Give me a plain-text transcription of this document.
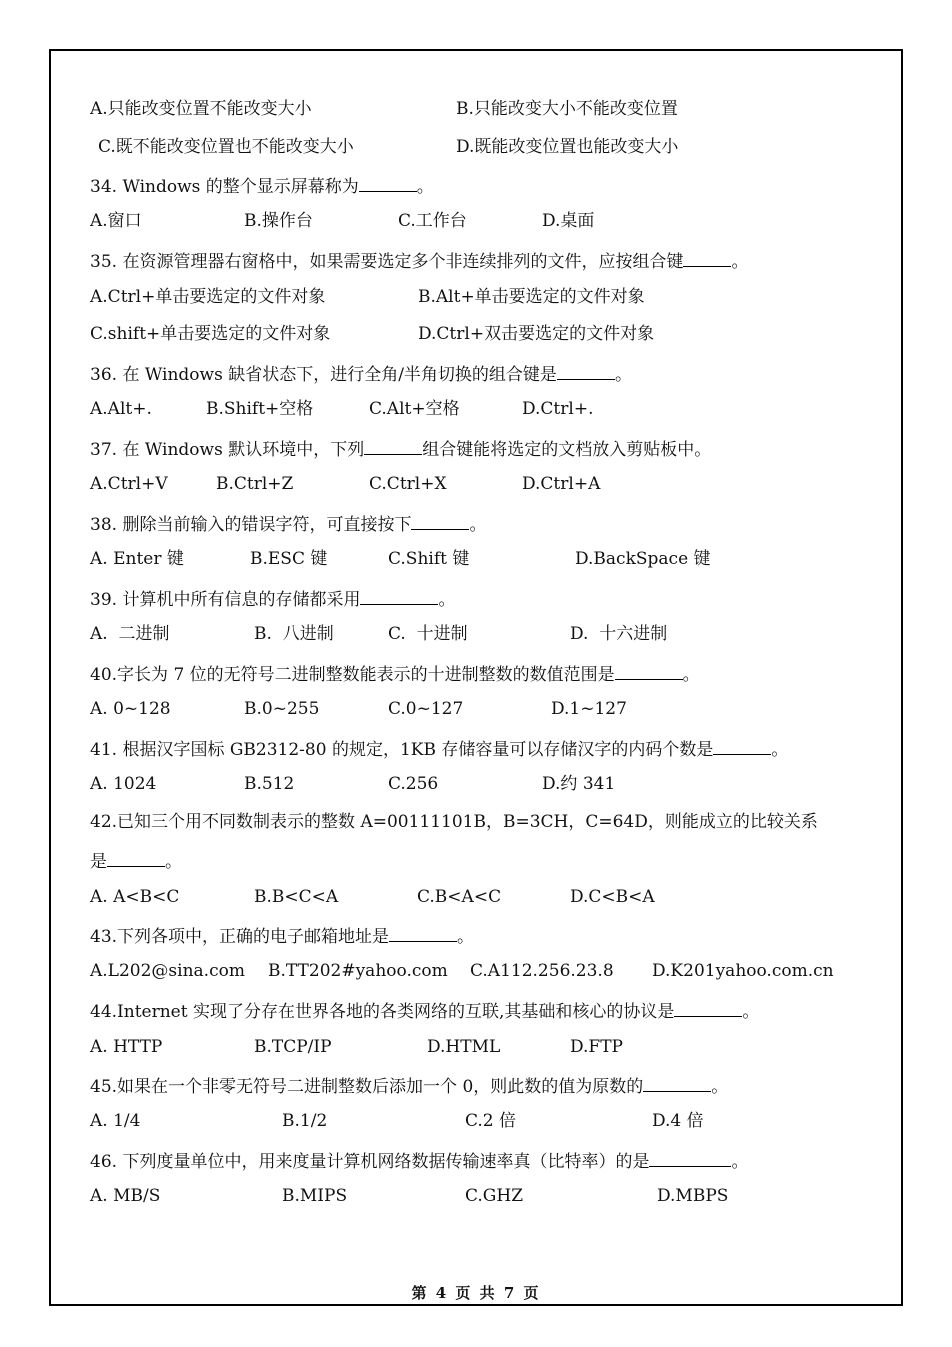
A.只能改变位置不能改变大小	B.只能改变大小不能改变位置
C.既不能改变位置也不能改变大小	D.既能改变位置也能改变大小
34. Windows 的整个显示屏幕称为	。
A.窗口	B.操作台	C.工作台	D.桌面
35. 在资源管理器右窗格中，如果需要选定多个非连续排列的文件，应按组合键	。
A.Ctrl+单击要选定的文件对象	B.Alt+单击要选定的文件对象
C.shift+单击要选定的文件对象	D.Ctrl+双击要选定的文件对象
36. 在 Windows 缺省状态下，进行全角/半角切换的组合键是	。
A.Alt+.	B.Shift+空格	C.Alt+空格	D.Ctrl+.
37. 在 Windows 默认环境中，下列	组合键能将选定的文档放入剪贴板中。
A.Ctrl+V	B.Ctrl+Z	C.Ctrl+X	D.Ctrl+A
38. 删除当前输入的错误字符，可直接按下	。
A. Enter 键	B.ESC 键	C.Shift 键	D.BackSpace 键
39. 计算机中所有信息的存储都采用	。
A.  二进制	B.  八进制	C.  十进制	D.  十六进制
40.字长为 7 位的无符号二进制整数能表示的十进制整数的数值范围是	。
A. 0~128	B.0~255	C.0~127	D.1~127
41. 根据汉字国标 GB2312-80 的规定，1KB 存储容量可以存储汉字的内码个数是	。
A. 1024	B.512	C.256	D.约 341
42.已知三个用不同数制表示的整数 A=00111101B，B=3CH，C=64D，则能成立的比较关系
是	。
A. A<B<C	B.B<C<A	C.B<A<C	D.C<B<A
43.下列各项中，正确的电子邮箱地址是	。
A.L202@sina.com B.TT202#yahoo.com C.A112.256.23.8 D.K201yahoo.com.cn
44.Internet 实现了分存在世界各地的各类网络的互联,其基础和核心的协议是	。
A. HTTP	B.TCP/IP	D.HTML	D.FTP
45.如果在一个非零无符号二进制整数后添加一个 0，则此数的值为原数的	。
A. 1/4	B.1/2	C.2 倍	D.4 倍
46. 下列度量单位中，用来度量计算机网络数据传输速率真（比特率）的是	。
A. MB/S	B.MIPS	C.GHZ	D.MBPS
第 4 页 共 7 页
